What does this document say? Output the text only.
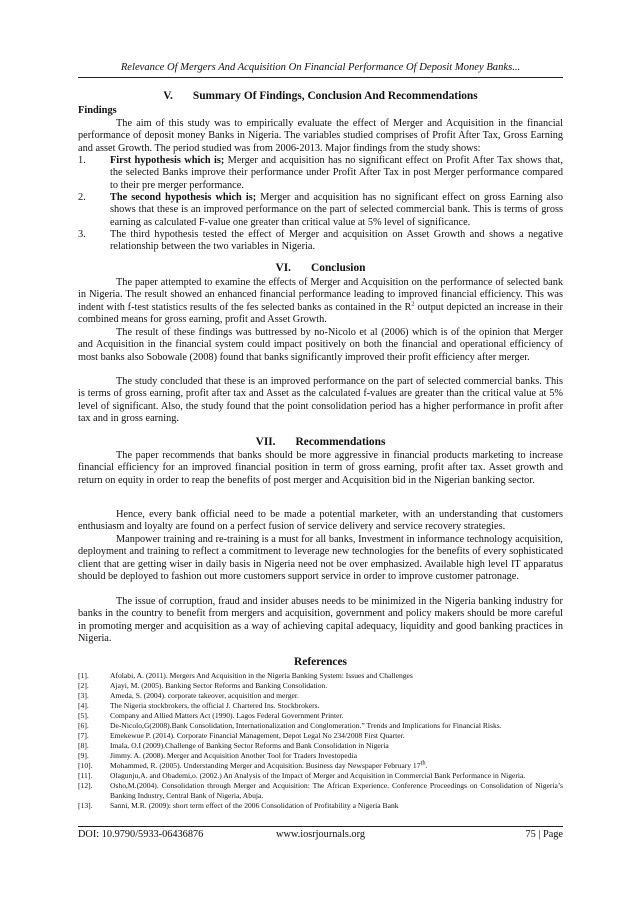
Relevance Of Mergers And Acquisition On Financial Performance Of Deposit Money Banks...
V. Summary Of Findings, Conclusion And Recommendations
Findings

The aim of this study was to empirically evaluate the effect of Merger and Acquisition in the financial performance of deposit money Banks in Nigeria. The variables studied comprises of Profit After Tax, Gross Earning and asset Growth. The period studied was from 2006-2013. Major findings from the study shows:

1. First hypothesis which is; Merger and acquisition has no significant effect on Profit After Tax shows that, the selected Banks improve their performance under Profit After Tax in post Merger performance compared to their pre merger performance.
2. The second hypothesis which is; Merger and acquisition has no significant effect on gross Earning also shows that these is an improved performance on the part of selected commercial bank. This is terms of gross earning as calculated F-value one greater than critical value at 5% level of significance.
3. The third hypothesis tested the effect of Merger and acquisition on Asset Growth and shows a negative relationship between the two variables in Nigeria.
VI. Conclusion

The paper attempted to examine the effects of Merger and Acquisition on the performance of selected bank in Nigeria. The result showed an enhanced financial performance leading to improved financial efficiency. This was indent with f-test statistics results of the fes selected banks as contained in the $R^2$ output depicted an increase in their combined means for gross earning, profit and Asset Growth.

The result of these findings was buttressed by no-Nicolo et al (2006) which is of the opinion that Merger and Acquisition in the financial system could impact positively on both the financial and operational efficiency of most banks also Sobowale (2008) found that banks significantly improved their profit efficiency after merger.

The study concluded that these is an improved performance on the part of selected commercial banks. This is terms of gross earning, profit after tax and Asset as the calculated f-values are greater than the critical value at 5% level of significant. Also, the study found that the point consolidation period has a higher performance in profit after tax and in gross earning.

VII. Recommendations

The paper recommends that banks should be more aggressive in financial products marketing to increase financial efficiency for an improved financial position in term of gross earning, profit after tax. Asset growth and return on equity in order to reap the benefits of post merger and Acquisition bid in the Nigerian banking sector.

Hence, every bank official need to be made a potential marketer, with an understanding that customers enthusiasm and loyalty are found on a perfect fusion of service delivery and service recovery strategies.

Manpower training and re-training is a must for all banks, Investment in informance technology acquisition, deployment and training to reflect a commitment to leverage new technologies for the benefits of every sophisticated client that are getting wiser in daily basis in Nigeria need not be over emphasized. Available high level IT apparatus should be deployed to fashion out more customers support service in order to improve customer patronage.

The issue of corruption, fraud and insider abuses needs to be minimized in the Nigeria banking industry for banks in the country to benefit from mergers and acquisition, government and policy makers should be more careful in promoting merger and acquisition as a way of achieving capital adequacy, liquidity and good banking practices in Nigeria.

References
[1].	Afolabi, A. (2011). Mergers And Acquisition in the Nigeria Banking System: Issues and Challenges
[2].	Ajayi, M. (2005). Banking Sector Reforms and Banking Consolidation.
[3].	Ameda, S. (2004). corporate takeover, acquisition and merger.
[4].	The Nigeria stockbrokers, the official J. Chartered Ins. Stockbrokers.
[5].	Company and Allied Matters Act (1990). Lagos Federal Government Printer.
[6].	De-Nicolo,G(2008).Bank Consolidation, Internationalization and Conglomeration.” Trends and Implications for Financial Risks.
[7].	Emekewue P. (2014). Corporate Financial Management, Depot Legal No 234/2008 First Quarter.
[8].	Imala, O.I (2009).Challenge of Banking Sector Reforms and Bank Consolidation in Nigeria
[9].	Jimmy. A. (2008). Merger and Acquisition Another Tool for Traders Investopedia
[10]. Mohammed, R. (2005). Understanding Merger and Acquisition. Business day Newspaper February 17th.
[11]. Olagunju,A. and Obademi,o. (2002.) An Analysis of the Impact of Merger and Acquisition in Commercial Bank Performance in Nigeria.
[12]. Osho,M.(2004). Consolidation through Merger and Acquisition: The African Experience. Conference Proceedings on Consolidation of Nigeria’s Banking Industry, Central Bank of Nigeria, Abuja.
[13]. Sanni, M.R. (2009): short term effect of the 2006 Consolidation of Profitability a Nigeria Bank
DOI: 10.9790/5933-06436876	www.iosrjournals.org	75 | Page
